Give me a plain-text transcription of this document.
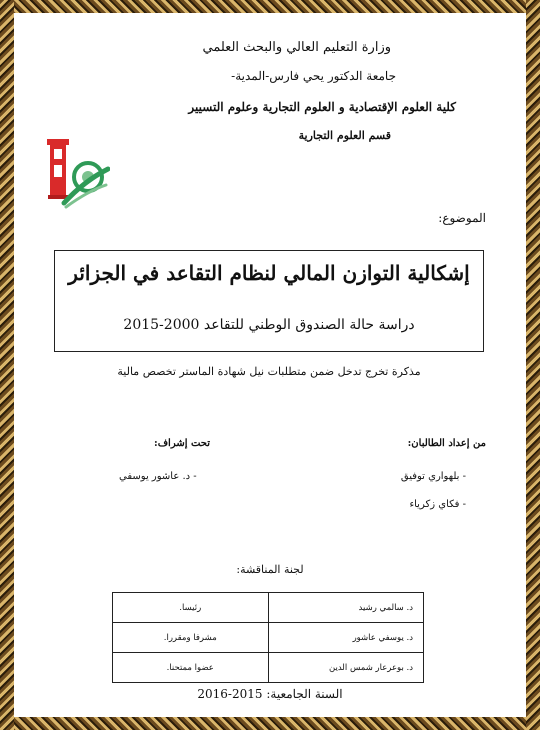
وزارة التعليم العالي والبحث العلمي
جامعة الدكتور يحي فارس-المدية-
كلية العلوم الإقتصادية و العلوم التجارية وعلوم التسيير
قسم العلوم التجارية
الموضوع:
إشكالية التوازن المالي لنظام التقاعد في الجزائر
دراسة حالة الصندوق الوطني للتقاعد 2000-2015
مذكرة تخرج تدخل ضمن متطلبات نيل شهادة الماستر تخصص مالية
من إعداد الطالبان:
- بلهواري توفيق
- فكاي زكرياء
تحت إشراف:
- د. عاشور يوسفي
لجنة المناقشة:
د. سالمي رشيد	رئيسا.
د. يوسفي عاشور	مشرفا ومقررا.
د. بوعرعار شمس الدين	عضوا ممتحنا.
السنة الجامعية: 2015-2016
